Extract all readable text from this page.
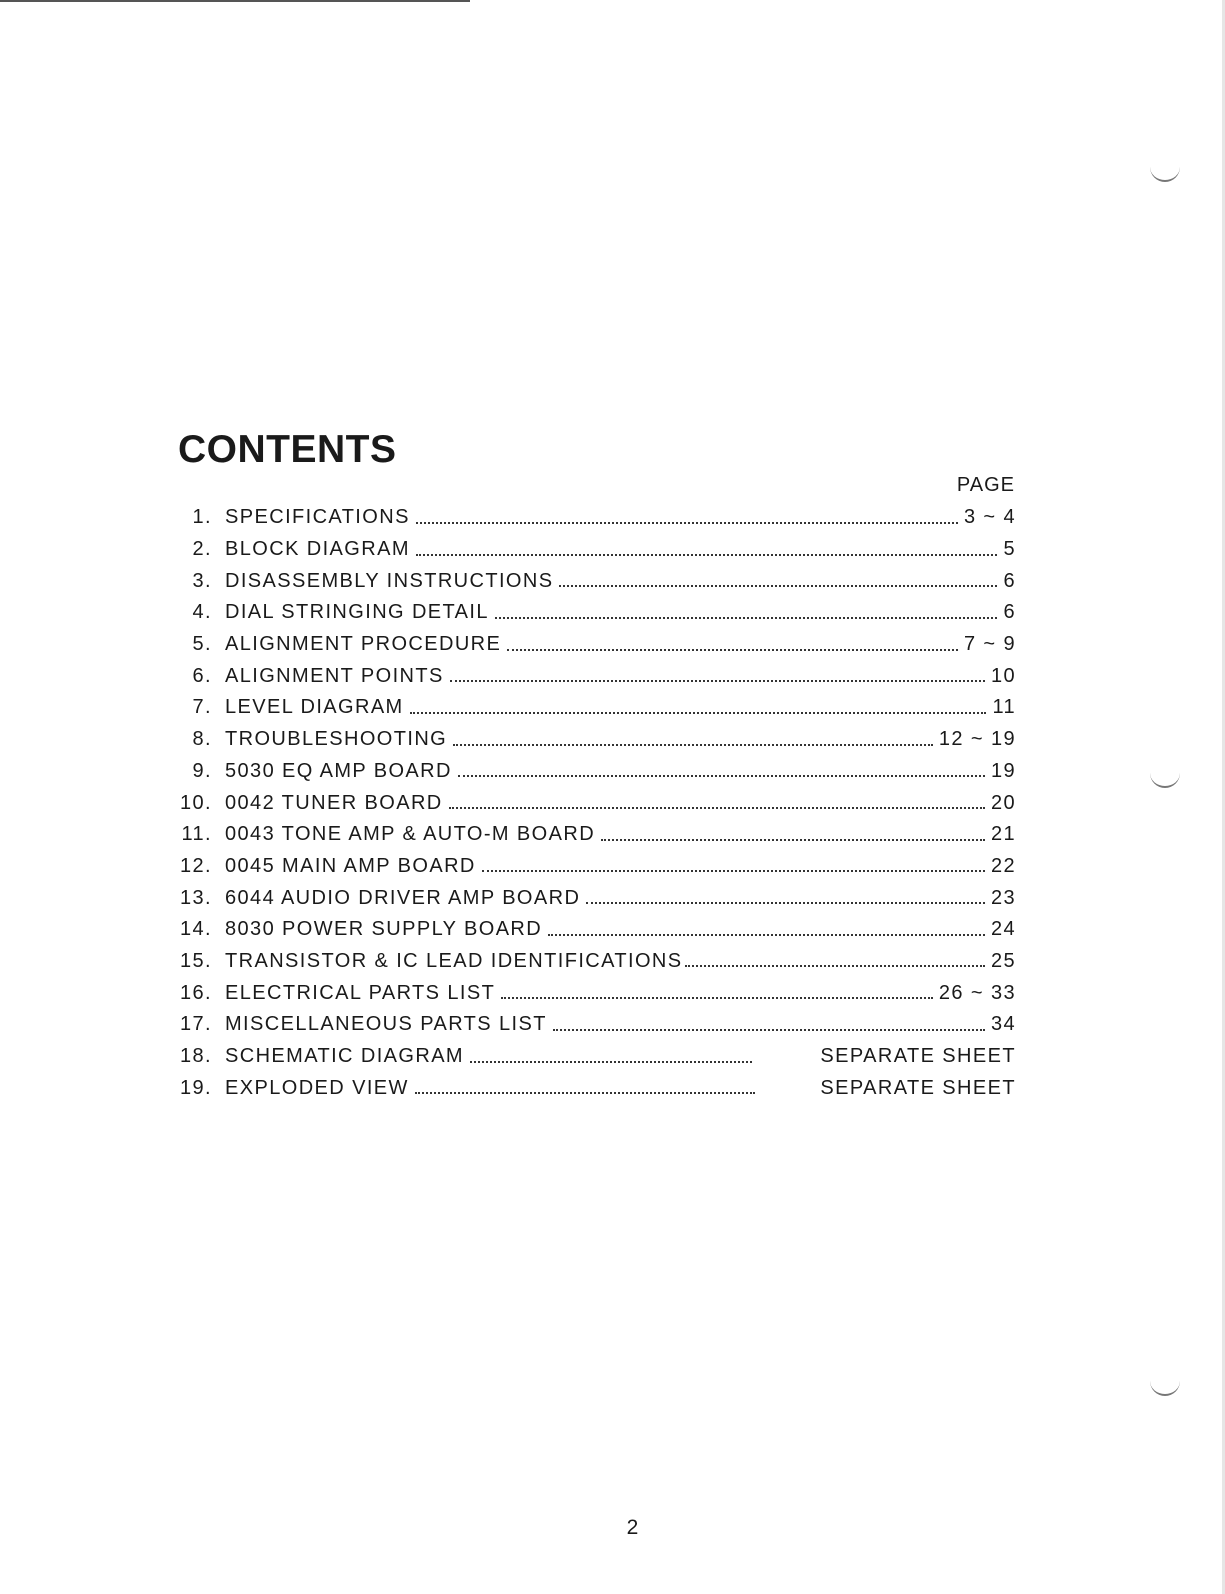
CONTENTS
PAGE
1. SPECIFICATIONS	3 ~ 4
2. BLOCK DIAGRAM	5
3. DISASSEMBLY INSTRUCTIONS	6
4. DIAL STRINGING DETAIL	6
5. ALIGNMENT PROCEDURE	7 ~ 9
6. ALIGNMENT POINTS	10
7. LEVEL DIAGRAM	11
8. TROUBLESHOOTING	12 ~ 19
9. 5030 EQ AMP BOARD	19
10. 0042 TUNER BOARD	20
11. 0043 TONE AMP & AUTO-M BOARD	21
12. 0045 MAIN AMP BOARD	22
13. 6044 AUDIO DRIVER AMP BOARD	23
14. 8030 POWER SUPPLY BOARD	24
15. TRANSISTOR & IC LEAD IDENTIFICATIONS	25
16. ELECTRICAL PARTS LIST	26 ~ 33
17. MISCELLANEOUS PARTS LIST	34
18. SCHEMATIC DIAGRAM	SEPARATE SHEET
19. EXPLODED VIEW	SEPARATE SHEET
2
